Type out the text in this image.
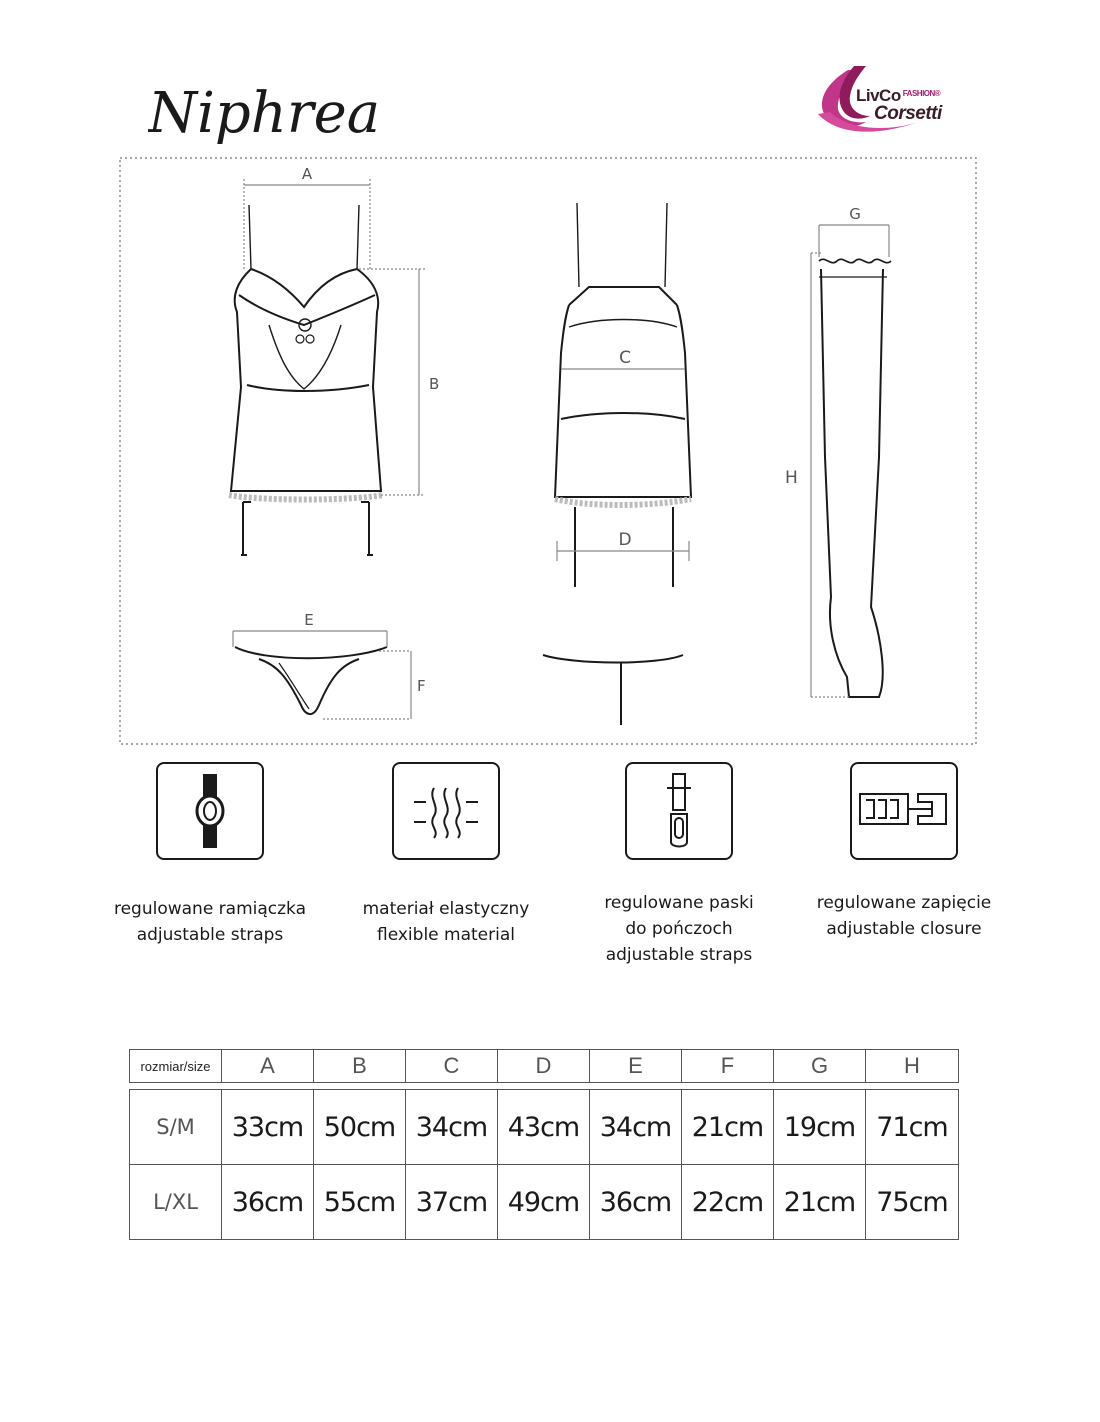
Niphrea	LivCo $^{FASHION®}$
Corsetti
A
B
C
D
G
H
E
F
regulowane ramiączka
adjustable straps
materiał elastyczny
flexible material
regulowane paski
do pończoch
adjustable straps
regulowane zapięcie
adjustable closure
rozmiar/size	A	B	C	D	E	F	G	H

S/M	33cm	50cm	34cm	43cm	34cm	21cm	19cm	71cm
L/XL	36cm	55cm	37cm	49cm	36cm	22cm	21cm	75cm
